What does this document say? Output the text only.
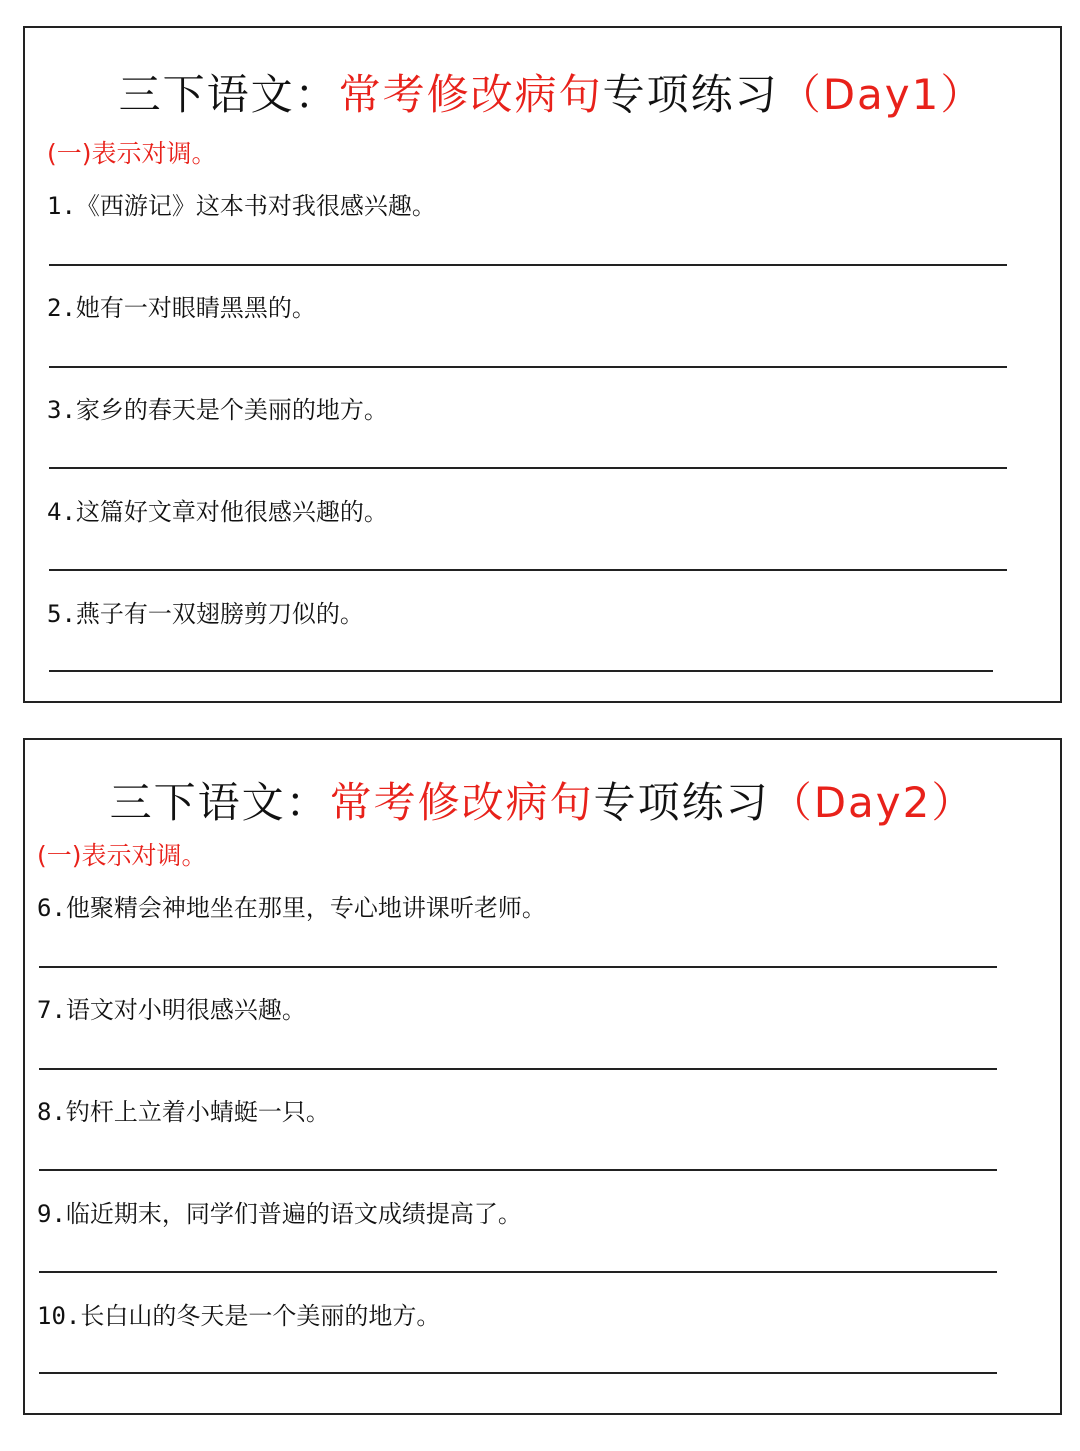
三下语文：常考修改病句专项练习（Day1）
(一)表示对调。
1.《西游记》这本书对我很感兴趣。
2.她有一对眼睛黑黑的。
3.家乡的春天是个美丽的地方。
4.这篇好文章对他很感兴趣的。
5.燕子有一双翅膀剪刀似的。
三下语文：常考修改病句专项练习（Day2）
(一)表示对调。
6.他聚精会神地坐在那里，专心地讲课听老师。
7.语文对小明很感兴趣。
8.钓杆上立着小蜻蜓一只。
9.临近期末，同学们普遍的语文成绩提高了。
10.长白山的冬天是一个美丽的地方。
